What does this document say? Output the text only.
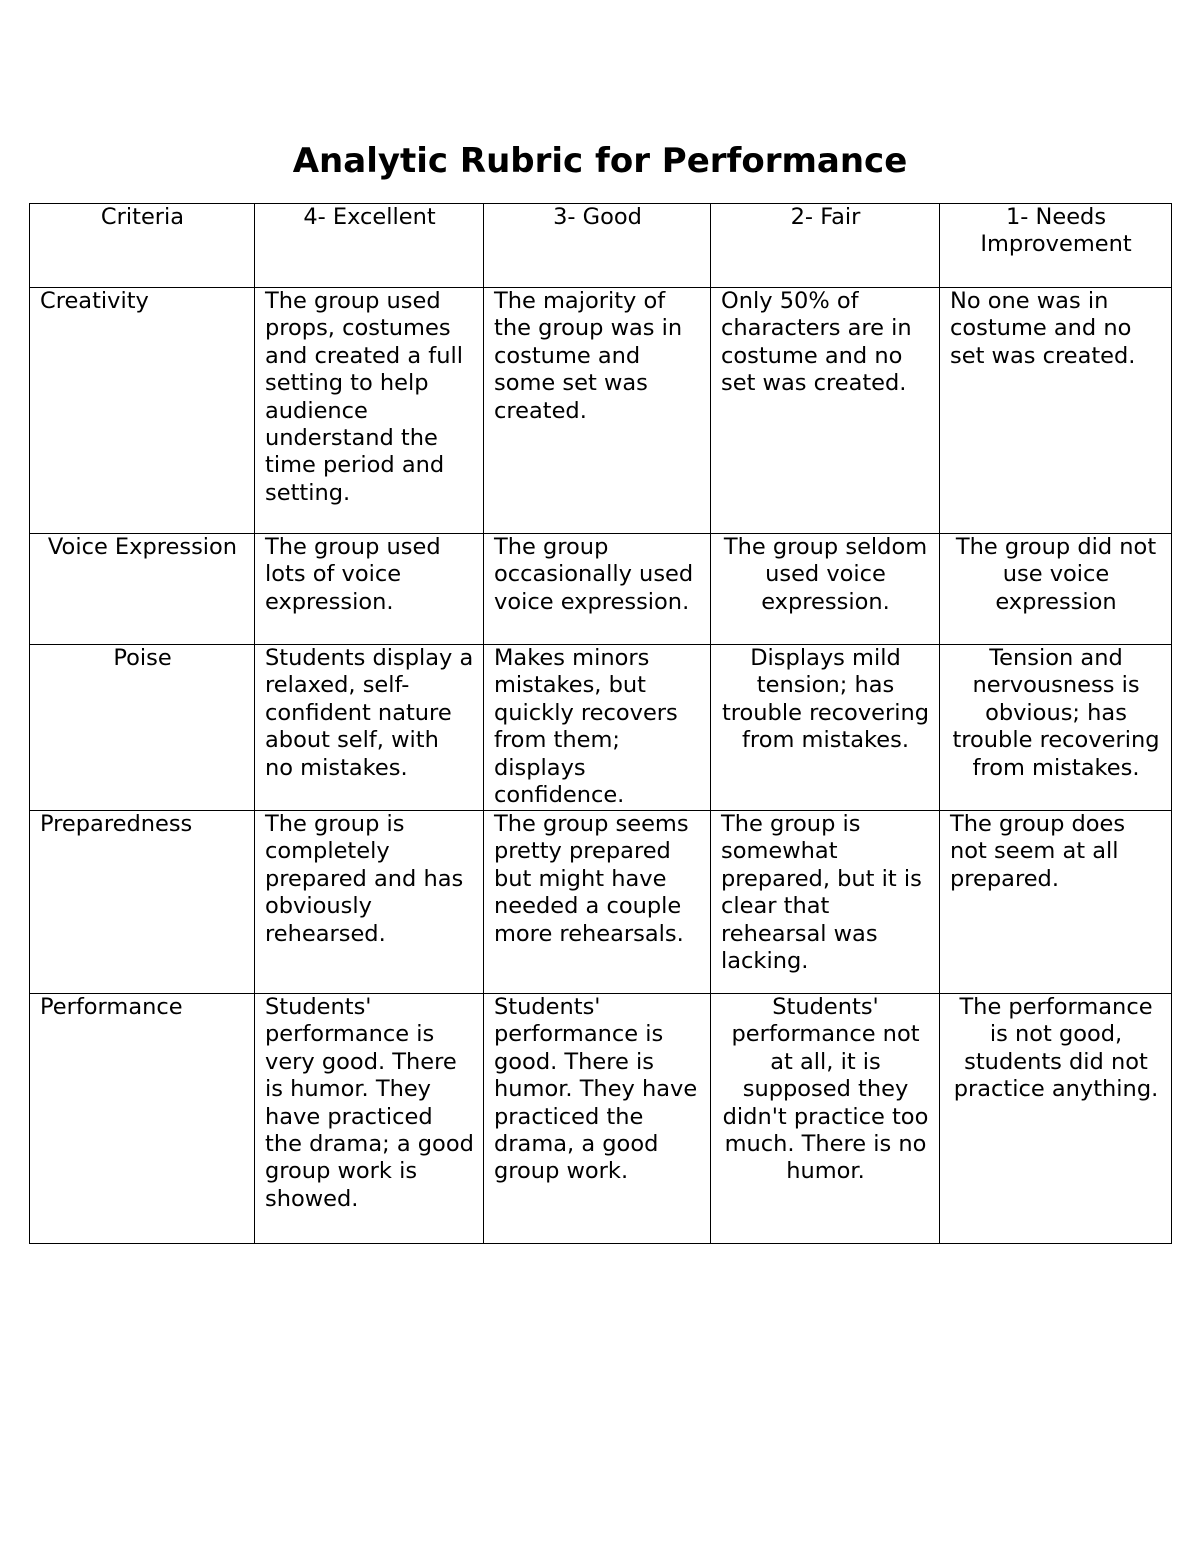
Analytic Rubric for Performance
Criteria	4- Excellent	3- Good	2- Fair	1- Needs Improvement
Creativity	The group used props, costumes and created a full setting to help audience understand the time period and setting.	The majority of the group was in costume and some set was created.	Only 50% of characters are in costume and no set was created.	No one was in costume and no set was created.
Voice Expression	The group used lots of voice expression.	The group occasionally used voice expression.	The group seldom used voice expression.	The group did not use voice expression
Poise	Students display a relaxed, self-confident nature about self, with no mistakes.	Makes minors mistakes, but quickly recovers from them; displays confidence.	Displays mild tension; has trouble recovering from mistakes.	Tension and nervousness is obvious; has trouble recovering from mistakes.
Preparedness	The group is completely prepared and has obviously rehearsed.	The group seems pretty prepared but might have needed a couple more rehearsals.	The group is somewhat prepared, but it is clear that rehearsal was lacking.	The group does not seem at all prepared.
Performance	Students' performance is very good. There is humor. They have practiced the drama; a good group work is showed.	Students' performance is good. There is humor. They have practiced the drama, a good group work.	Students' performance not at all, it is supposed they didn't practice too much. There is no humor.	The performance is not good, students did not practice anything.
